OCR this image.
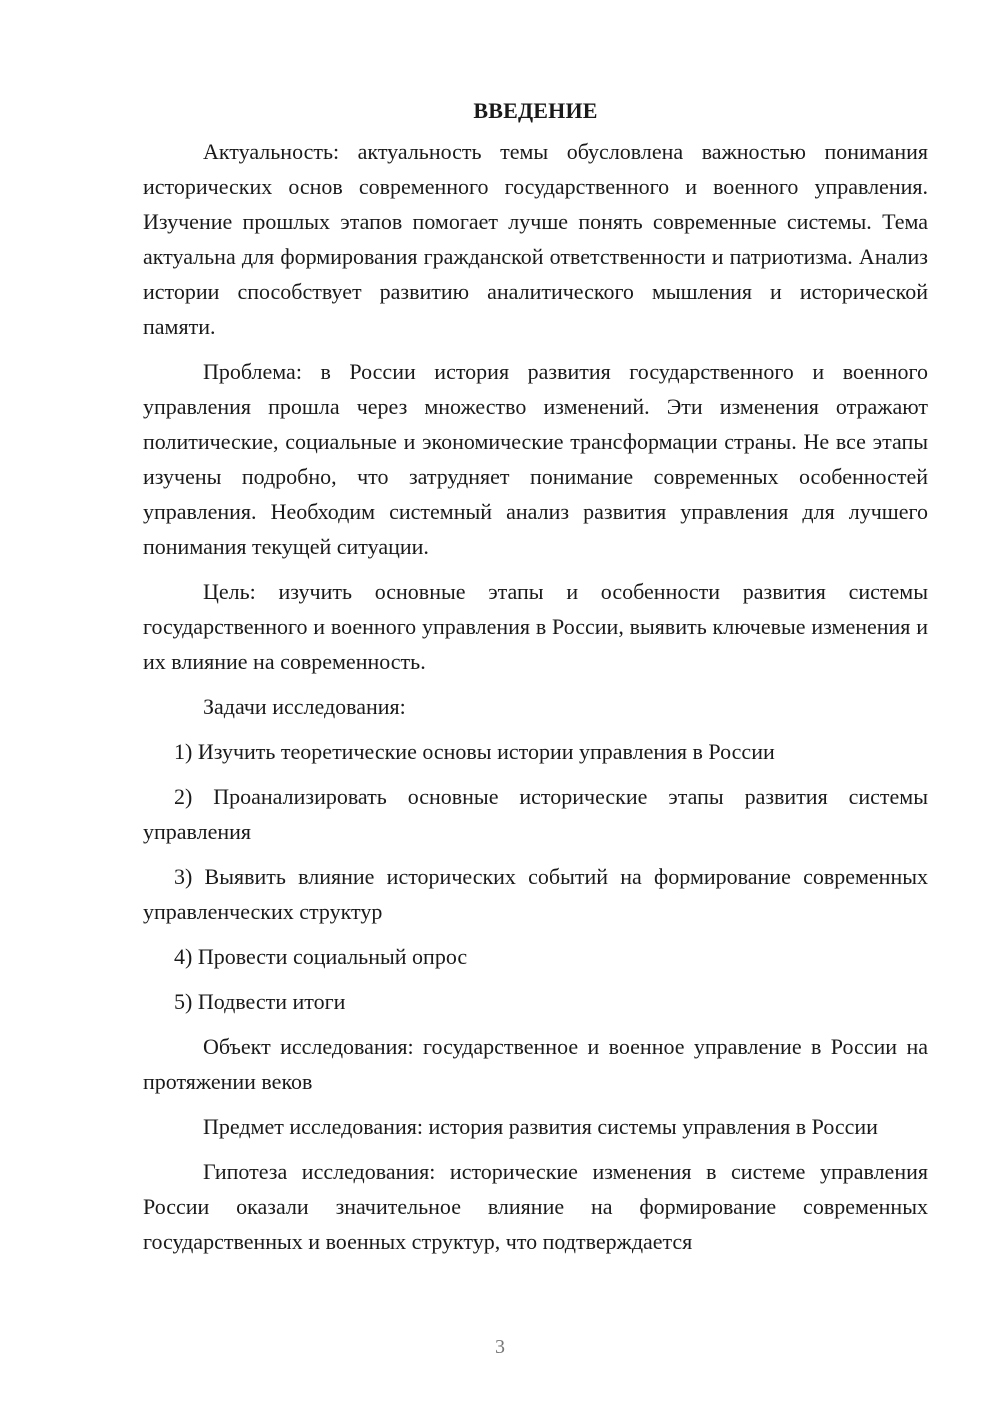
ВВЕДЕНИЕ

Актуальность: актуальность темы обусловлена важностью понимания исторических основ современного государственного и военного управления. Изучение прошлых этапов помогает лучше понять современные системы. Тема актуальна для формирования гражданской ответственности и патриотизма. Анализ истории способствует развитию аналитического мышления и исторической памяти.

Проблема: в России история развития государственного и военного управления прошла через множество изменений. Эти изменения отражают политические, социальные и экономические трансформации страны. Не все этапы изучены подробно, что затрудняет понимание современных особенностей управления. Необходим системный анализ развития управления для лучшего понимания текущей ситуации.

Цель: изучить основные этапы и особенности развития системы государственного и военного управления в России, выявить ключевые изменения и их влияние на современность.

Задачи исследования:

1) Изучить теоретические основы истории управления в России

2) Проанализировать основные исторические этапы развития системы управления

3) Выявить влияние исторических событий на формирование современных управленческих структур

4) Провести социальный опрос

5) Подвести итоги

Объект исследования: государственное и военное управление в России на протяжении веков

Предмет исследования: история развития системы управления в России

Гипотеза исследования: исторические изменения в системе управления России оказали значительное влияние на формирование современных государственных и военных структур, что подтверждается

3
